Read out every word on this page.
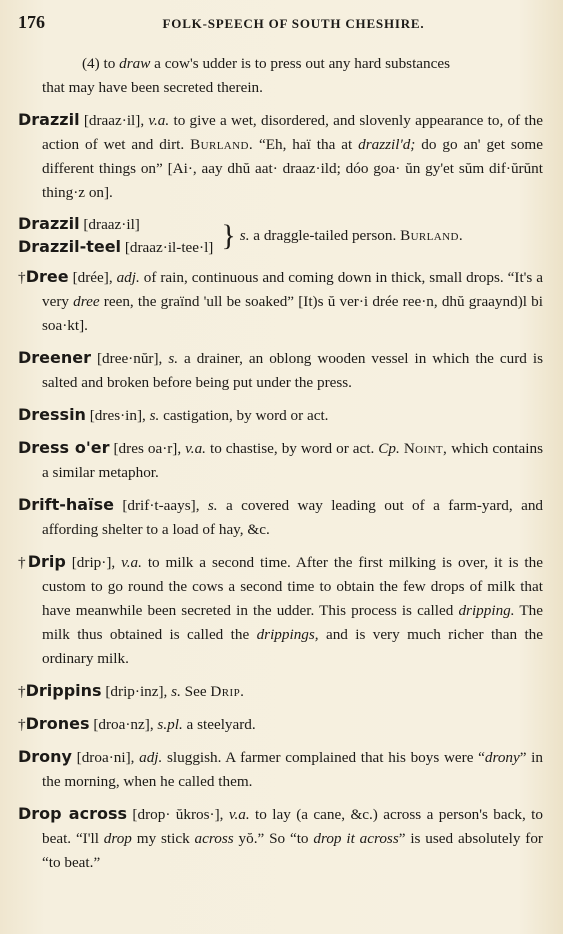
176	FOLK-SPEECH OF SOUTH CHESHIRE.
(4) to draw a cow's udder is to press out any hard substances
that may have been secreted therein.
Drazzil [draaz·il], v.a. to give a wet, disordered, and slovenly appearance to, of the action of wet and dirt. Burland. “Eh, haï tha at drazzil'd; do go an' get some different things on” [Ai·, aay dhŭ aat· draaz·ild; dóo goa· ŭn gy'et sŭm dif·ŭrŭnt thing·z on].
Drazzil [draaz·il]
Drazzil-teel [draaz·il-tee·l] } s. a draggle-tailed person. Burland.
†Dree [drée], adj. of rain, continuous and coming down in thick, small drops. “It's a very dree reen, the graïnd 'ull be soaked” [It)s ŭ ver·i drée ree·n, dhŭ graaynd)l bi soa·kt].
Dreener [dree·nŭr], s. a drainer, an oblong wooden vessel in which the curd is salted and broken before being put under the press.
Dressin [dres·in], s. castigation, by word or act.
Dress o'er [dres oa·r], v.a. to chastise, by word or act. Cp. Noint, which contains a similar metaphor.
Drift-haïse [drif·t-aays], s. a covered way leading out of a farm-yard, and affording shelter to a load of hay, &c.
†Drip [drip·], v.a. to milk a second time. After the first milking is over, it is the custom to go round the cows a second time to obtain the few drops of milk that have meanwhile been secreted in the udder. This process is called dripping. The milk thus obtained is called the drippings, and is very much richer than the ordinary milk.
†Drippins [drip·inz], s. See Drip.
†Drones [droa·nz], s.pl. a steelyard.
Drony [droa·ni], adj. sluggish. A farmer complained that his boys were “drony” in the morning, when he called them.
Drop across [drop· ŭkros·], v.a. to lay (a cane, &c.) across a person's back, to beat. “I'll drop my stick across yŏ.” So “to drop it across” is used absolutely for “to beat.”
